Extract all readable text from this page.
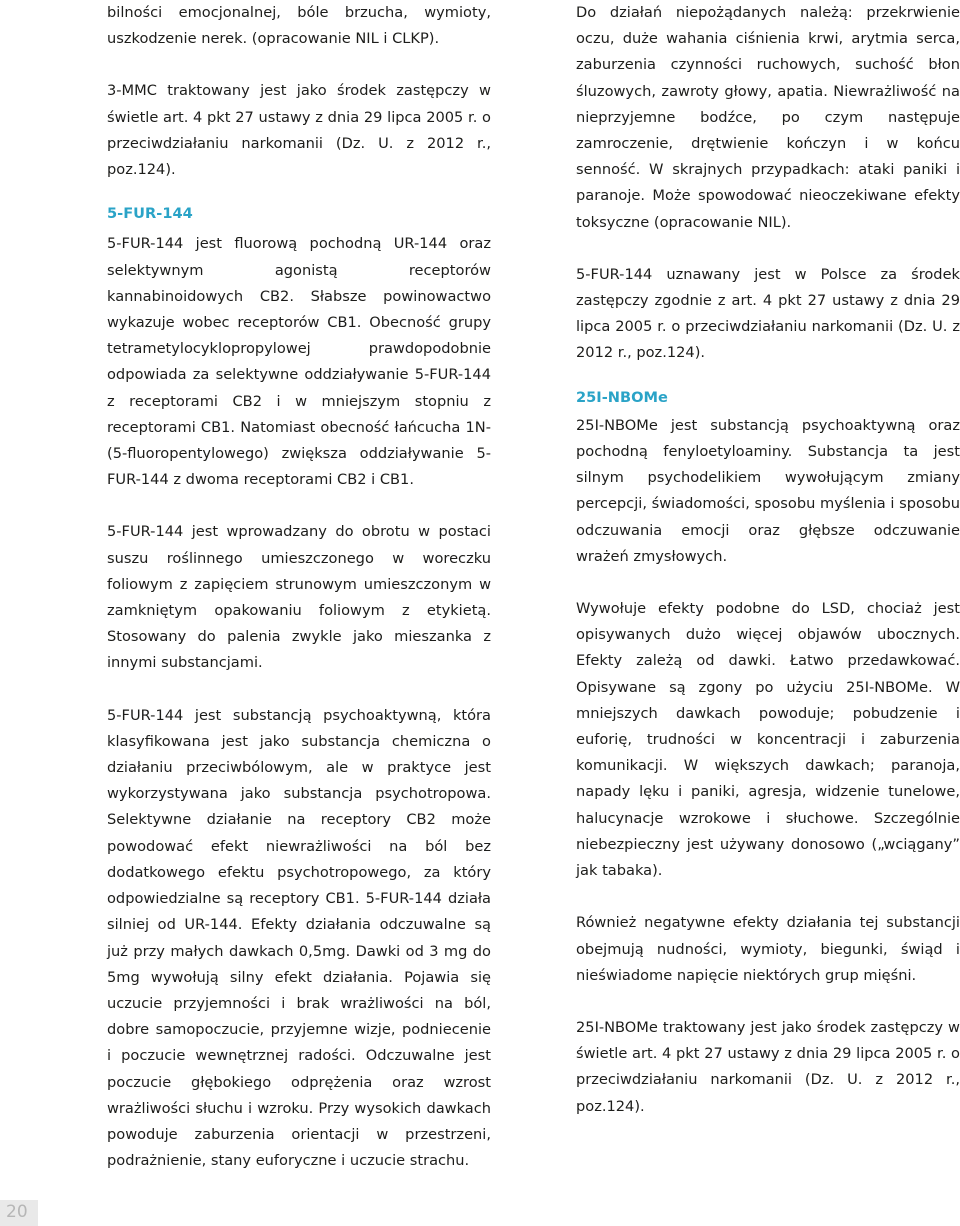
bilności emocjonalnej, bóle brzucha, wymioty, uszkodzenie nerek. (opracowanie NIL i CLKP).

3-MMC traktowany jest jako środek zastępczy w świetle art. 4 pkt 27 ustawy z dnia 29 lipca 2005 r. o przeciwdziałaniu narkomanii (Dz. U. z 2012 r., poz.124).

5-FUR-144

5-FUR-144 jest fluorową pochodną UR-144 oraz selektywnym agonistą receptorów kannabinoidowych CB2. Słabsze powinowactwo wykazuje wobec receptorów CB1. Obecność grupy tetrametylocyklopropylowej prawdopodobnie odpowiada za selektywne oddziaływanie 5-FUR-144 z receptorami CB2 i w mniejszym stopniu z receptorami CB1. Natomiast obecność łańcucha 1N-(5-fluoropentylowego) zwiększa oddziaływanie 5-FUR-144 z dwoma receptorami CB2 i CB1.

5-FUR-144 jest wprowadzany do obrotu w postaci suszu roślinnego umieszczonego w woreczku foliowym z zapięciem strunowym umieszczonym w zamkniętym opakowaniu foliowym z etykietą. Stosowany do palenia zwykle jako mieszanka z innymi substancjami.

5-FUR-144 jest substancją psychoaktywną, która klasyfikowana jest jako substancja chemiczna o działaniu przeciwbólowym, ale w praktyce jest wykorzystywana jako substancja psychotropowa. Selektywne działanie na receptory CB2 może powodować efekt niewrażliwości na ból bez dodatkowego efektu psychotropowego, za który odpowiedzialne są receptory CB1. 5-FUR-144 działa silniej od UR-144. Efekty działania odczuwalne są już przy małych dawkach 0,5mg. Dawki od 3 mg do 5mg wywołują silny efekt działania. Pojawia się uczucie przyjemności i brak wrażliwości na ból, dobre samopoczucie, przyjemne wizje, podniecenie i poczucie wewnętrznej radości. Odczuwalne jest poczucie głębokiego odprężenia oraz wzrost wrażliwości słuchu i wzroku. Przy wysokich dawkach powoduje zaburzenia orientacji w przestrzeni, podrażnienie, stany euforyczne i uczucie strachu.

Do działań niepożądanych należą: przekrwienie oczu, duże wahania ciśnienia krwi, arytmia serca, zaburzenia czynności ruchowych, suchość błon śluzowych, zawroty głowy, apatia. Niewrażliwość na nieprzyjemne bodźce, po czym następuje zamroczenie, drętwienie kończyn i w końcu senność. W skrajnych przypadkach: ataki paniki i paranoje. Może spowodować nieoczekiwane efekty toksyczne (opracowanie NIL).

5-FUR-144 uznawany jest w Polsce za środek zastępczy zgodnie z art. 4 pkt 27 ustawy z dnia 29 lipca 2005 r. o przeciwdziałaniu narkomanii (Dz. U. z 2012 r., poz.124).

25I-NBOMe

25I-NBOMe jest substancją psychoaktywną oraz pochodną fenyloetyloaminy. Substancja ta jest silnym psychodelikiem wywołującym zmiany percepcji, świadomości, sposobu myślenia i sposobu odczuwania emocji oraz głębsze odczuwanie wrażeń zmysłowych.

Wywołuje efekty podobne do LSD, chociaż jest opisywanych dużo więcej objawów ubocznych. Efekty zależą od dawki. Łatwo przedawkować. Opisywane są zgony po użyciu 25I-NBOMe. W mniejszych dawkach powoduje; pobudzenie i euforię, trudności w koncentracji i zaburzenia komunikacji. W większych dawkach; paranoja, napady lęku i paniki, agresja, widzenie tunelowe, halucynacje wzrokowe i słuchowe. Szczególnie niebezpieczny jest używany donosowo („wciągany” jak tabaka).

Również negatywne efekty działania tej substancji obejmują nudności, wymioty, biegunki, świąd i nieświadome napięcie niektórych grup mięśni.

25I-NBOMe traktowany jest jako środek zastępczy w świetle art. 4 pkt 27 ustawy z dnia 29 lipca 2005 r. o przeciwdziałaniu narkomanii (Dz. U. z 2012 r., poz.124).

20
